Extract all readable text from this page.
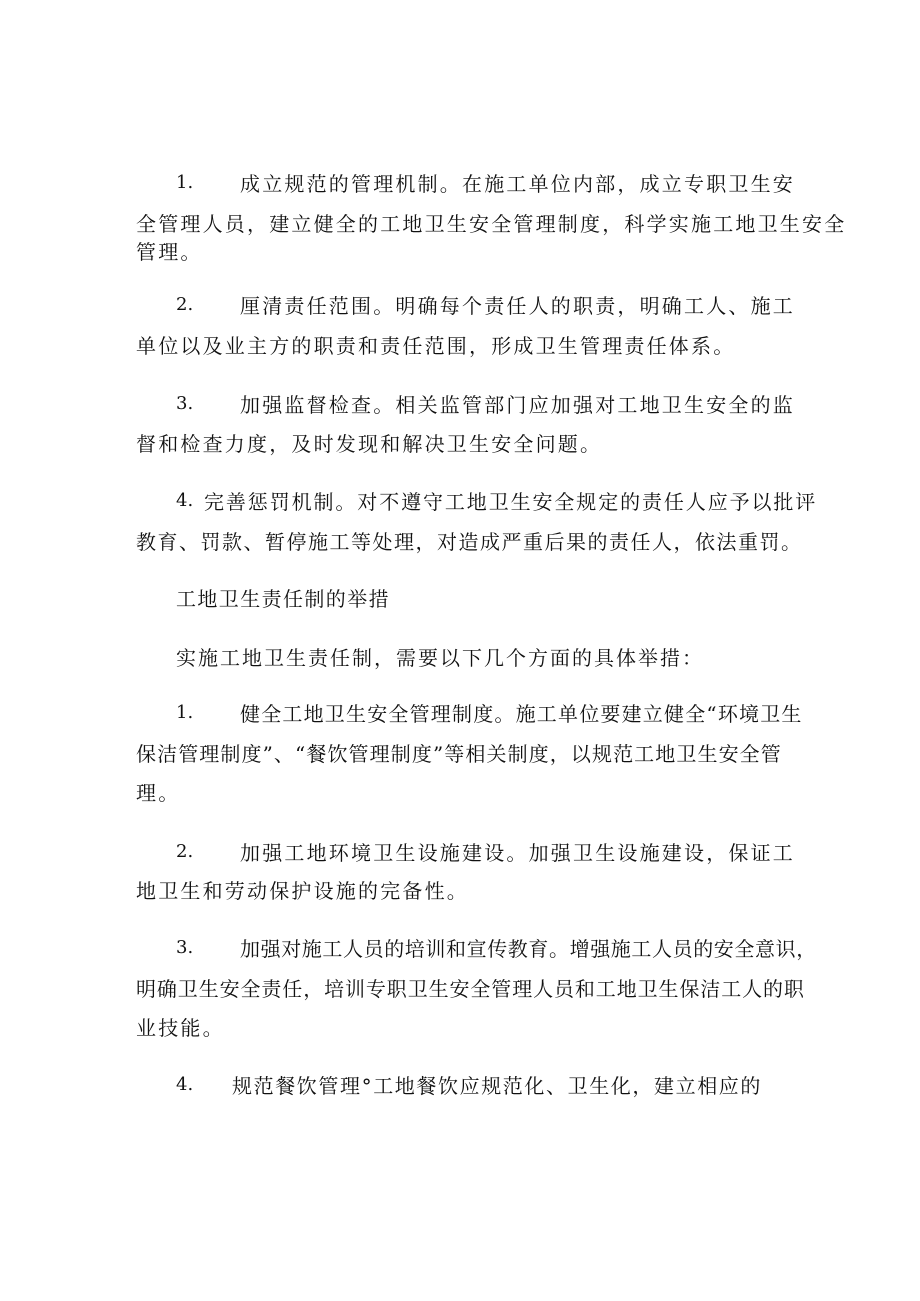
1.	成立规范的管理机制。在施工单位内部，成立专职卫生安
全管理人员，建立健全的工地卫生安全管理制度，科学实施工地卫生安全
管理。
2.	厘清责任范围。明确每个责任人的职责，明确工人、施工
单位以及业主方的职责和责任范围，形成卫生管理责任体系。
3.	加强监督检查。相关监管部门应加强对工地卫生安全的监
督和检查力度，及时发现和解决卫生安全问题。
4. 完善惩罚机制。对不遵守工地卫生安全规定的责任人应予以批评
教育、罚款、暂停施工等处理，对造成严重后果的责任人，依法重罚。
工地卫生责任制的举措
实施工地卫生责任制，需要以下几个方面的具体举措：
1.	健全工地卫生安全管理制度。施工单位要建立健全“环境卫生
保洁管理制度”、“餐饮管理制度”等相关制度，以规范工地卫生安全管
理。
2.	加强工地环境卫生设施建设。加强卫生设施建设，保证工
地卫生和劳动保护设施的完备性。
3.	加强对施工人员的培训和宣传教育。增强施工人员的安全意识，
明确卫生安全责任，培训专职卫生安全管理人员和工地卫生保洁工人的职
业技能。
4.	规范餐饮管理°工地餐饮应规范化、卫生化，建立相应的
